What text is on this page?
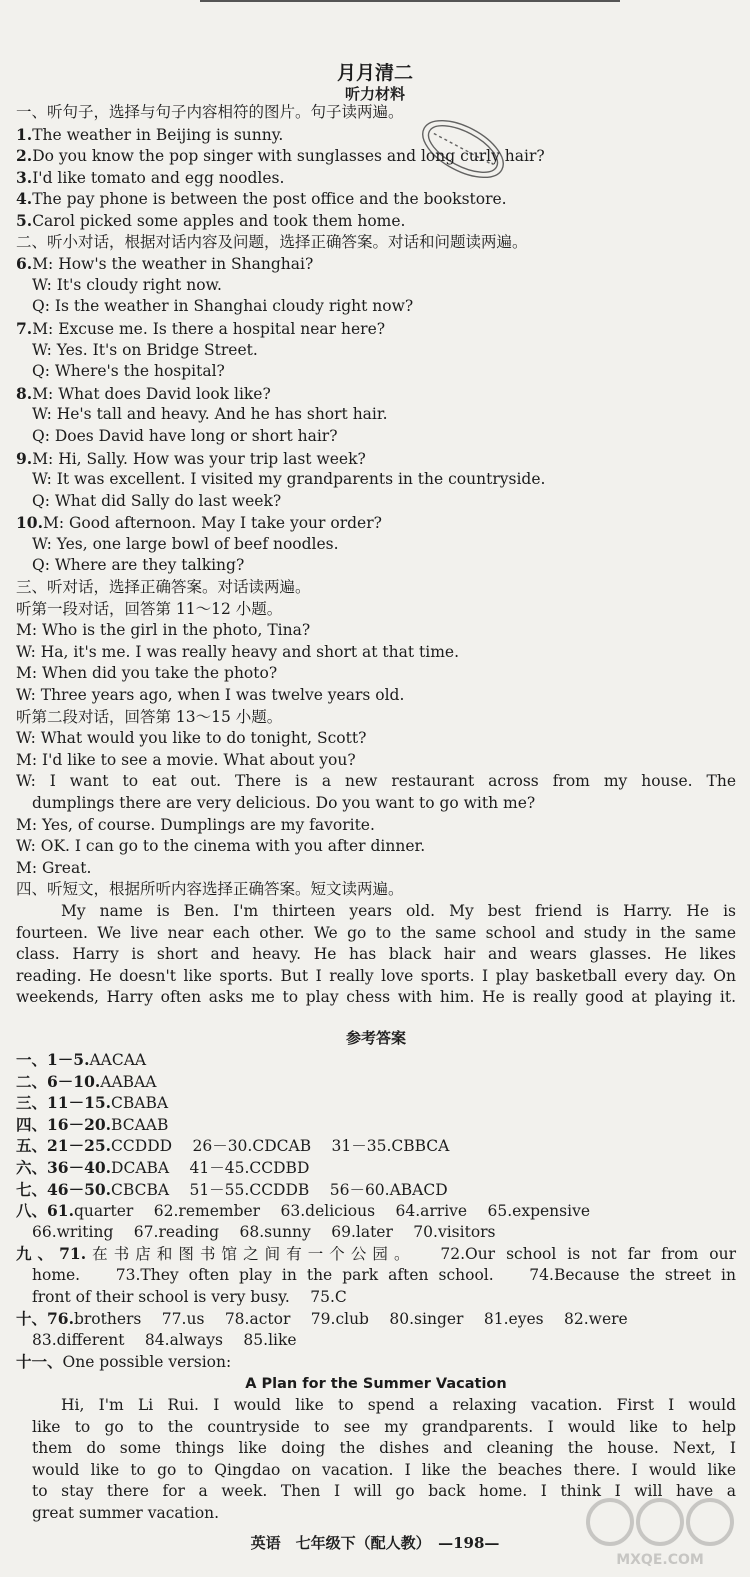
月月清二
听力材料
一、听句子，选择与句子内容相符的图片。句子读两遍。
1.The weather in Beijing is sunny.
2.Do you know the pop singer with sunglasses and long curly hair?
3.I'd like tomato and egg noodles.
4.The pay phone is between the post office and the bookstore.
5.Carol picked some apples and took them home.
二、听小对话，根据对话内容及问题，选择正确答案。对话和问题读两遍。
6.M: How's the weather in Shanghai?
W: It's cloudy right now.
Q: Is the weather in Shanghai cloudy right now?
7.M: Excuse me. Is there a hospital near here?
W: Yes. It's on Bridge Street.
Q: Where's the hospital?
8.M: What does David look like?
W: He's tall and heavy. And he has short hair.
Q: Does David have long or short hair?
9.M: Hi, Sally. How was your trip last week?
W: It was excellent. I visited my grandparents in the countryside.
Q: What did Sally do last week?
10.M: Good afternoon. May I take your order?
W: Yes, one large bowl of beef noodles.
Q: Where are they talking?
三、听对话，选择正确答案。对话读两遍。
听第一段对话，回答第 11～12 小题。
M: Who is the girl in the photo, Tina?
W: Ha, it's me. I was really heavy and short at that time.
M: When did you take the photo?
W: Three years ago, when I was twelve years old.
听第二段对话，回答第 13～15 小题。
W: What would you like to do tonight, Scott?
M: I'd like to see a movie. What about you?
W: I want to eat out. There is a new restaurant across from my house. The
dumplings there are very delicious. Do you want to go with me?
M: Yes, of course. Dumplings are my favorite.
W: OK. I can go to the cinema with you after dinner.
M: Great.
四、听短文，根据所听内容选择正确答案。短文读两遍。
My name is Ben. I'm thirteen years old. My best friend is Harry. He is
fourteen. We live near each other. We go to the same school and study in the same
class. Harry is short and heavy. He has black hair and wears glasses. He likes
reading. He doesn't like sports. But I really love sports. I play basketball every day. On
weekends, Harry often asks me to play chess with him. He is really good at playing it.
参考答案
一、1－5.AACAA
二、6－10.AABAA
三、11－15.CBABA
四、16－20.BCAAB
五、21－25.CCDDD　 26－30.CDCAB　 31－35.CBBCA
六、36－40.DCABA　 41－45.CCDBD
七、46－50.CBCBA　 51－55.CCDDB　 56－60.ABACD
八、61.quarter　 62.remember　 63.delicious　 64.arrive　 65.expensive
66.writing　 67.reading　 68.sunny　 69.later　 70.visitors
九、71.在书店和图书馆之间有一个公园。　 72.Our school is not far from our
home.　 73.They often play in the park aften school.　 74.Because the street in
front of their school is very busy.　 75.C
十、76.brothers　 77.us　 78.actor　 79.club　 80.singer　 81.eyes　 82.were
83.different　 84.always　 85.like
十一、One possible version:
A Plan for the Summer Vacation
Hi, I'm Li Rui. I would like to spend a relaxing vacation. First I would
like to go to the countryside to see my grandparents. I would like to help
them do some things like doing the dishes and cleaning the house. Next, I
would like to go to Qingdao on vacation. I like the beaches there. I would like
to stay there for a week. Then I will go back home. I think I will have a
great summer vacation.
英语　七年级下（配人教）　—198—
MXQE.COM
